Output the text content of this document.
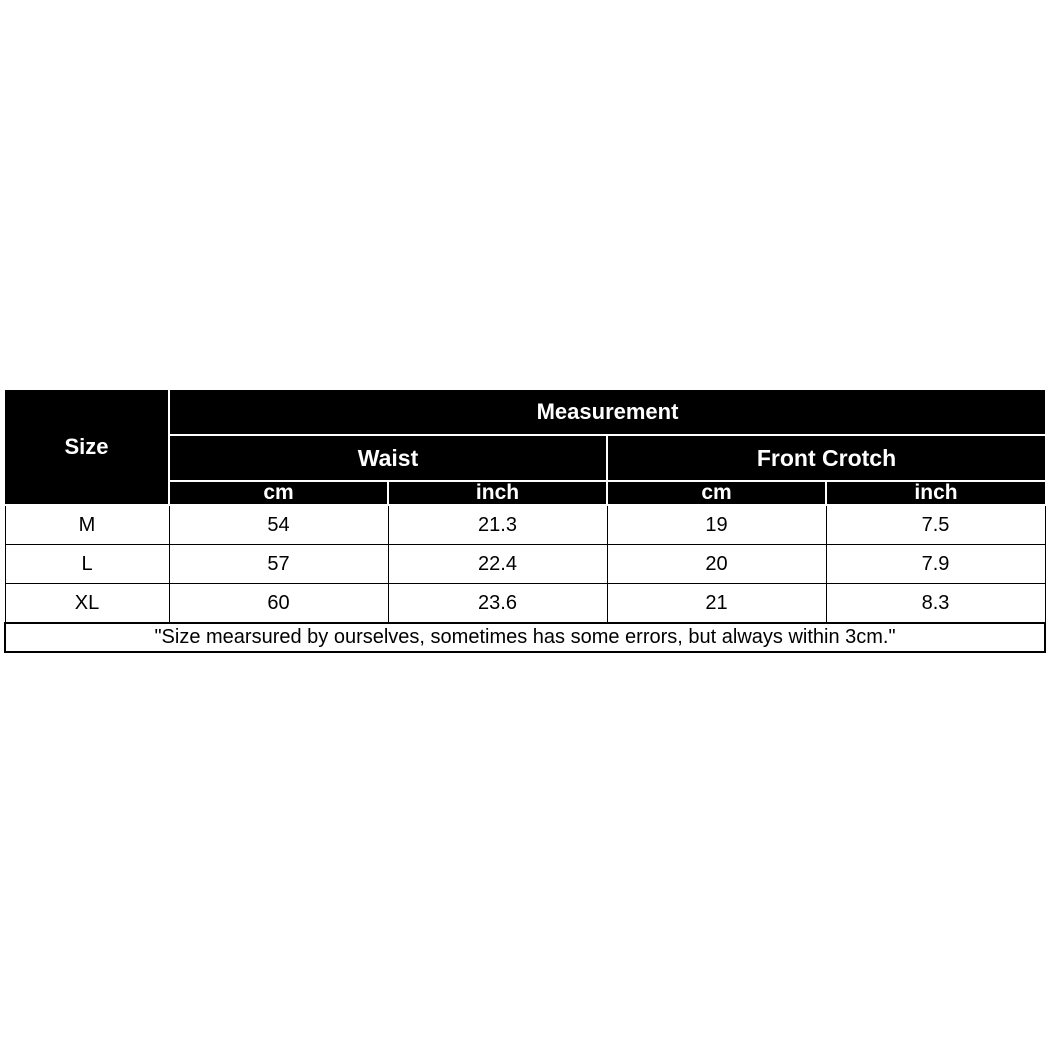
Size	Measurement			
	Waist		Front Crotch	
	cm	inch	cm	inch
M	54	21.3	19	7.5
L	57	22.4	20	7.9
XL	60	23.6	21	8.3
"Size mearsured by ourselves, sometimes has some errors, but always within 3cm."				
